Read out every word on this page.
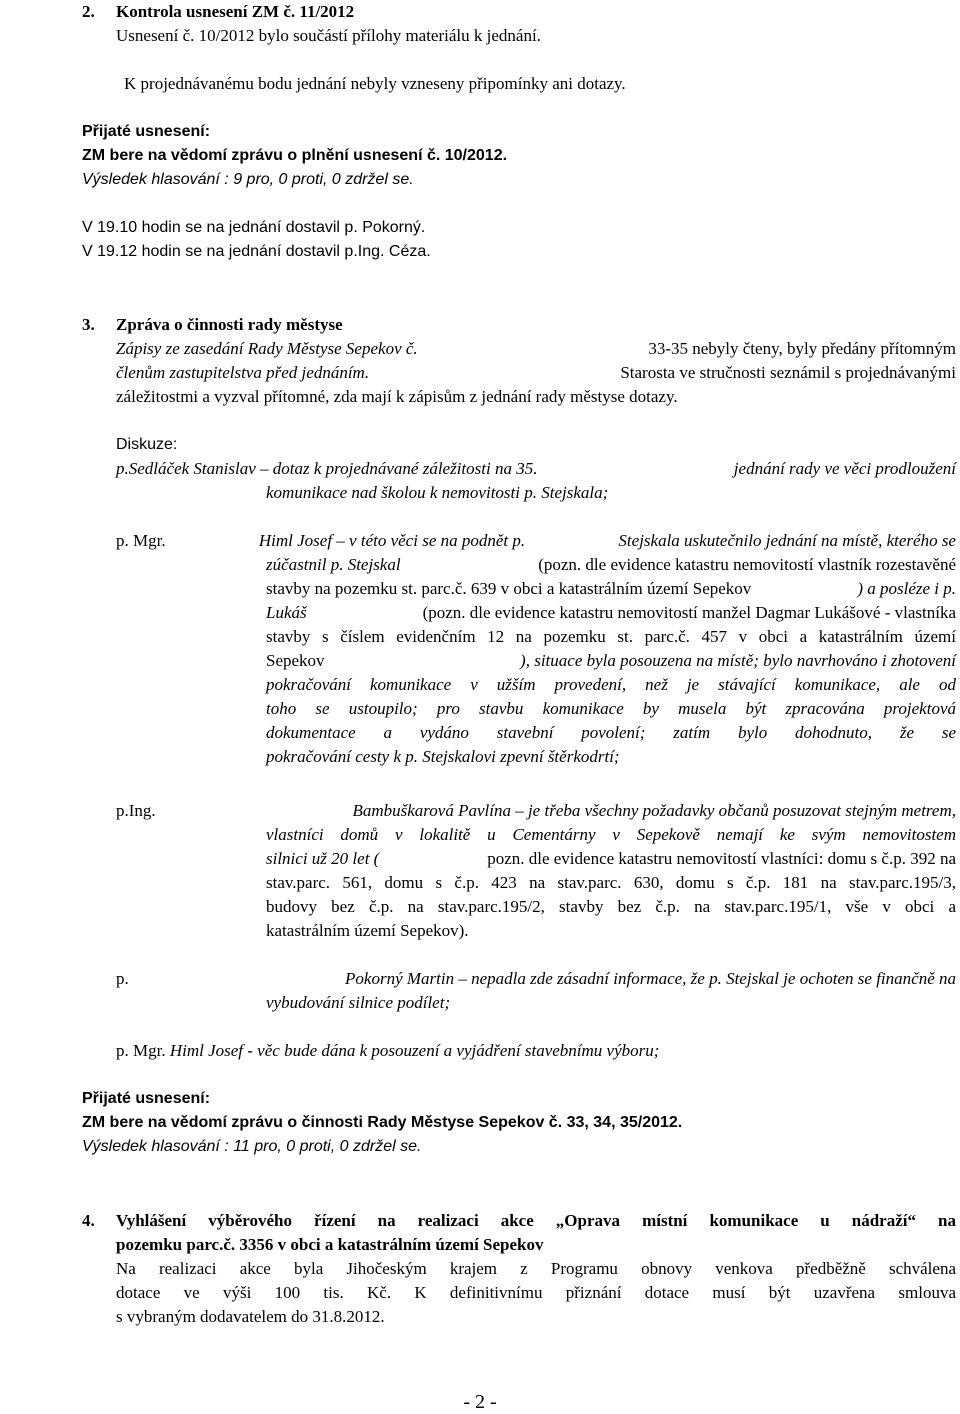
2. Kontrola usnesení ZM č. 11/2012
Usnesení č. 10/2012 bylo součástí přílohy materiálu k jednání.
K projednávanému bodu jednání nebyly vzneseny připomínky ani dotazy.
Přijaté usnesení:
ZM bere na vědomí zprávu o plnění usnesení č. 10/2012.
Výsledek hlasování : 9 pro, 0 proti, 0 zdržel se.
V 19.10 hodin se na jednání dostavil p. Pokorný.
V 19.12 hodin se na jednání dostavil p.Ing. Céza.
3. Zpráva o činnosti rady městyse
Zápisy ze zasedání Rady Městyse Sepekov č.	33-35 nebyly čteny, byly předány přítomným
členům zastupitelstva před jednáním.	Starosta ve stručnosti seznámil s projednávanými
záležitostmi a vyzval přítomné, zda mají k zápisům z jednání rady městyse dotazy.
Diskuze:
p.Sedláček Stanislav – dotaz k projednávané záležitosti na 35.	jednání rady ve věci prodloužení
komunikace nad školou k nemovitosti p. Stejskala;
p. Mgr.	Himl Josef – v této věci se na podnět p.	Stejskala uskutečnilo jednání na místě, kterého se
zúčastnil p. Stejskal	(pozn. dle evidence katastru nemovitostí vlastník rozestavěné
stavby na pozemku st. parc.č. 639 v obci a katastrálním území Sepekov	) a posléze i p.
Lukáš	(pozn. dle evidence katastru nemovitostí manžel Dagmar Lukášové - vlastníka
stavby s číslem evidenčním 12 na pozemku st. parc.č. 457 v obci a katastrálním území
Sepekov	), situace byla posouzena na místě; bylo navrhováno i zhotovení
pokračování komunikace v užším provedení, než je stávající komunikace, ale od
toho se ustoupilo; pro stavbu komunikace by musela být zpracována projektová
dokumentace a vydáno stavební povolení; zatím bylo dohodnuto, že se
pokračování cesty k p. Stejskalovi zpevní štěrkodrtí;
p.Ing.	Bambuškarová Pavlína – je třeba všechny požadavky občanů posuzovat stejným metrem,
vlastníci domů v lokalitě u Cementárny v Sepekově nemají ke svým nemovitostem
silnici už 20 let (	pozn. dle evidence katastru nemovitostí vlastníci: domu s č.p. 392 na
stav.parc. 561, domu s č.p. 423 na stav.parc. 630, domu s č.p. 181 na stav.parc.195/3,
budovy bez č.p. na stav.parc.195/2, stavby bez č.p. na stav.parc.195/1, vše v obci a
katastrálním území Sepekov).
p.	Pokorný Martin – nepadla zde zásadní informace, že p. Stejskal je ochoten se finančně na
vybudování silnice podílet;
p. Mgr. Himl Josef - věc bude dána k posouzení a vyjádření stavebnímu výboru;
Přijaté usnesení:
ZM bere na vědomí zprávu o činnosti Rady Městyse Sepekov č. 33, 34, 35/2012.
Výsledek hlasování : 11 pro, 0 proti, 0 zdržel se.
4. Vyhlášení výběrového řízení na realizaci akce „Oprava místní komunikace u nádraží“ na
pozemku parc.č. 3356 v obci a katastrálním území Sepekov
Na realizaci akce byla Jihočeským krajem z Programu obnovy venkova předběžně schválena
dotace ve výši 100 tis. Kč. K definitivnímu přiznání dotace musí být uzavřena smlouva
s vybraným dodavatelem do 31.8.2012.
- 2 -
